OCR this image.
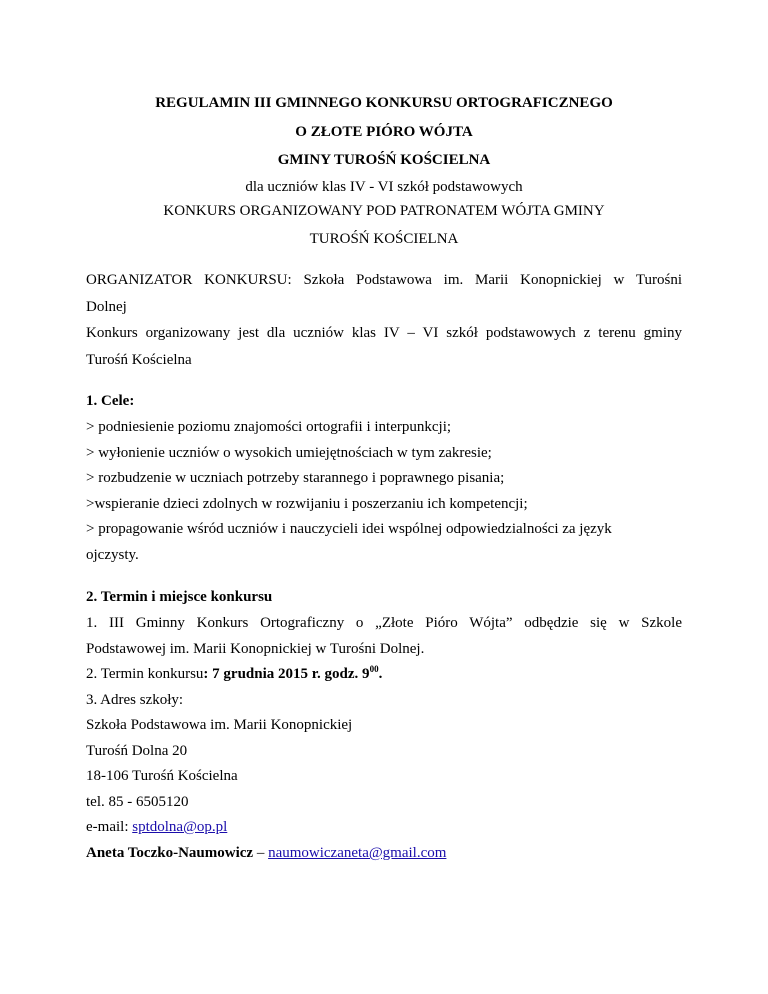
REGULAMIN III GMINNEGO KONKURSU ORTOGRAFICZNEGO
O ZŁOTE PIÓRO WÓJTA
GMINY TUROŚŃ KOŚCIELNA
dla uczniów klas IV - VI szkół podstawowych
KONKURS ORGANIZOWANY POD PATRONATEM WÓJTA GMINY
TUROŚŃ KOŚCIELNA
ORGANIZATOR KONKURSU: Szkoła Podstawowa im. Marii Konopnickiej w Turośni
Dolnej
Konkurs organizowany jest dla uczniów klas IV – VI szkół podstawowych z terenu gminy
Turośń Kościelna
1. Cele:
> podniesienie poziomu znajomości ortografii i interpunkcji;
> wyłonienie uczniów o wysokich umiejętnościach w tym zakresie;
> rozbudzenie w uczniach potrzeby starannego i poprawnego pisania;
>wspieranie dzieci zdolnych w rozwijaniu i poszerzaniu ich kompetencji;
> propagowanie wśród uczniów i nauczycieli idei wspólnej odpowiedzialności za język
ojczysty.
2. Termin i miejsce konkursu
1. III Gminny Konkurs Ortograficzny o „Złote Pióro Wójta” odbędzie się w Szkole
Podstawowej im. Marii Konopnickiej w Turośni Dolnej.
2. Termin konkursu: 7 grudnia 2015 r. godz. $9^{00}$.
3. Adres szkoły:
Szkoła Podstawowa im. Marii Konopnickiej
Turośń Dolna 20
18-106 Turośń Kościelna
tel. 85 - 6505120
e-mail: sptdolna@op.pl
Aneta Toczko-Naumowicz – naumowiczaneta@gmail.com
